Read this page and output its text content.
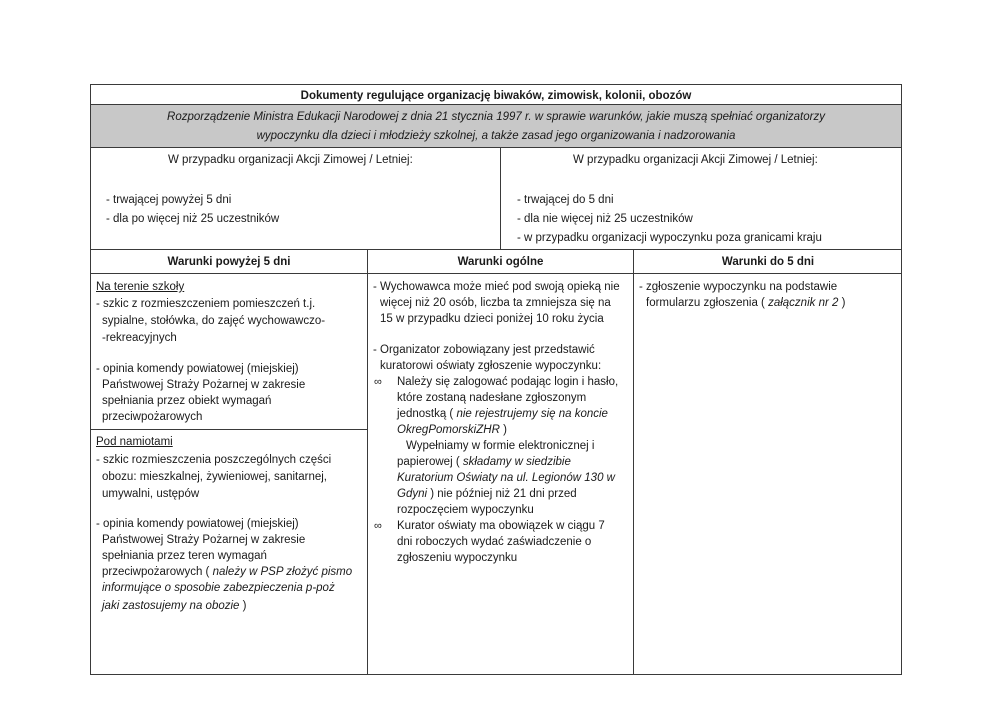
Dokumenty regulujące organizację biwaków, zimowisk, kolonii, obozów
Rozporządzenie Ministra Edukacji Narodowej z dnia 21 stycznia 1997 r. w sprawie warunków, jakie muszą spełniać organizatorzy
wypoczynku dla dzieci i młodzieży szkolnej, a także zasad jego organizowania i nadzorowania
W przypadku organizacji Akcji Zimowej / Letniej:
- trwającej powyżej 5 dni
- dla po więcej niż 25 uczestników
W przypadku organizacji Akcji Zimowej / Letniej:
- trwającej do 5 dni
- dla nie więcej niż 25 uczestników
- w przypadku organizacji wypoczynku poza granicami kraju
Warunki powyżej 5 dni	Warunki ogólne	Warunki do 5 dni
Na terenie szkoły
- szkic z rozmieszczeniem pomieszczeń t.j.
sypialne, stołówka, do zajęć wychowawczo-
-rekreacyjnych
- opinia komendy powiatowej (miejskiej)
Państwowej Straży Pożarnej w zakresie
spełniania przez obiekt wymagań
przeciwpożarowych
Pod namiotami
- szkic rozmieszczenia poszczególnych części
obozu: mieszkalnej, żywieniowej, sanitarnej,
umywalni, ustępów
- opinia komendy powiatowej (miejskiej)
Państwowej Straży Pożarnej w zakresie
spełniania przez teren wymagań
przeciwpożarowych ( należy w PSP złożyć pismo
informujące o sposobie zabezpieczenia p-poż
jaki zastosujemy na obozie )
- Wychowawca może mieć pod swoją opieką nie
więcej niż 20 osób, liczba ta zmniejsza się na
15 w przypadku dzieci poniżej 10 roku życia
- Organizator zobowiązany jest przedstawić
kuratorowi oświaty zgłoszenie wypoczynku:
∞ Należy się zalogować podając login i hasło,
które zostaną nadesłane zgłoszonym
jednostką ( nie rejestrujemy się na koncie
OkregPomorskiZHR )
Wypełniamy w formie elektronicznej i
papierowej ( składamy w siedzibie
Kuratorium Oświaty na ul. Legionów 130 w
Gdyni ) nie później niż 21 dni przed
rozpoczęciem wypoczynku
∞ Kurator oświaty ma obowiązek w ciągu 7
dni roboczych wydać zaświadczenie o
zgłoszeniu wypoczynku
- zgłoszenie wypoczynku na podstawie
formularzu zgłoszenia ( załącznik nr 2 )
